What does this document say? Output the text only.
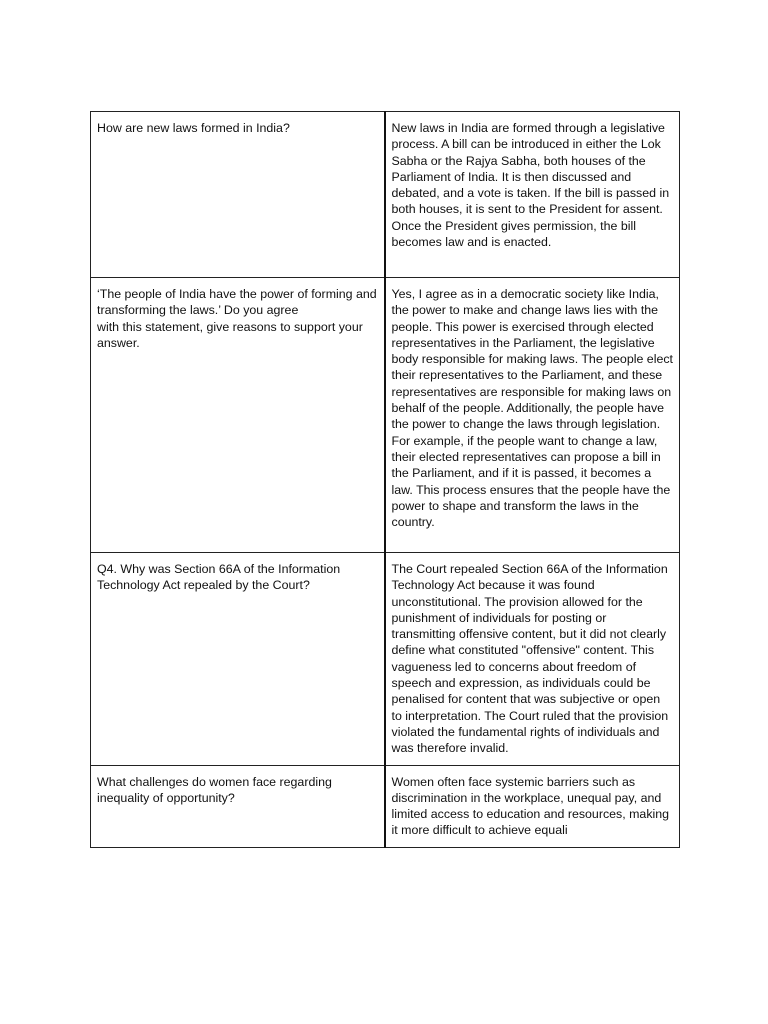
How are new laws formed in India?	New laws in India are formed through a legislative process. A bill can be introduced in either the Lok Sabha or the Rajya Sabha, both houses of the Parliament of India. It is then discussed and debated, and a vote is taken. If the bill is passed in both houses, it is sent to the President for assent. Once the President gives permission, the bill becomes law and is enacted.
‘The people of India have the power of forming and transforming the laws.’ Do you agree
with this statement, give reasons to support your answer.	Yes, I agree as in a democratic society like India, the power to make and change laws lies with the people. This power is exercised through elected representatives in the Parliament, the legislative body responsible for making laws. The people elect their representatives to the Parliament, and these representatives are responsible for making laws on behalf of the people. Additionally, the people have the power to change the laws through legislation. For example, if the people want to change a law, their elected representatives can propose a bill in the Parliament, and if it is passed, it becomes a law. This process ensures that the people have the power to shape and transform the laws in the country.
Q4. Why was Section 66A of the Information Technology Act repealed by the Court?	The Court repealed Section 66A of the Information Technology Act because it was found unconstitutional. The provision allowed for the punishment of individuals for posting or transmitting offensive content, but it did not clearly define what constituted "offensive" content. This vagueness led to concerns about freedom of speech and expression, as individuals could be penalised for content that was subjective or open to interpretation. The Court ruled that the provision violated the fundamental rights of individuals and was therefore invalid.
What challenges do women face regarding inequality of opportunity?	Women often face systemic barriers such as discrimination in the workplace, unequal pay, and limited access to education and resources, making it more difficult to achieve equali
